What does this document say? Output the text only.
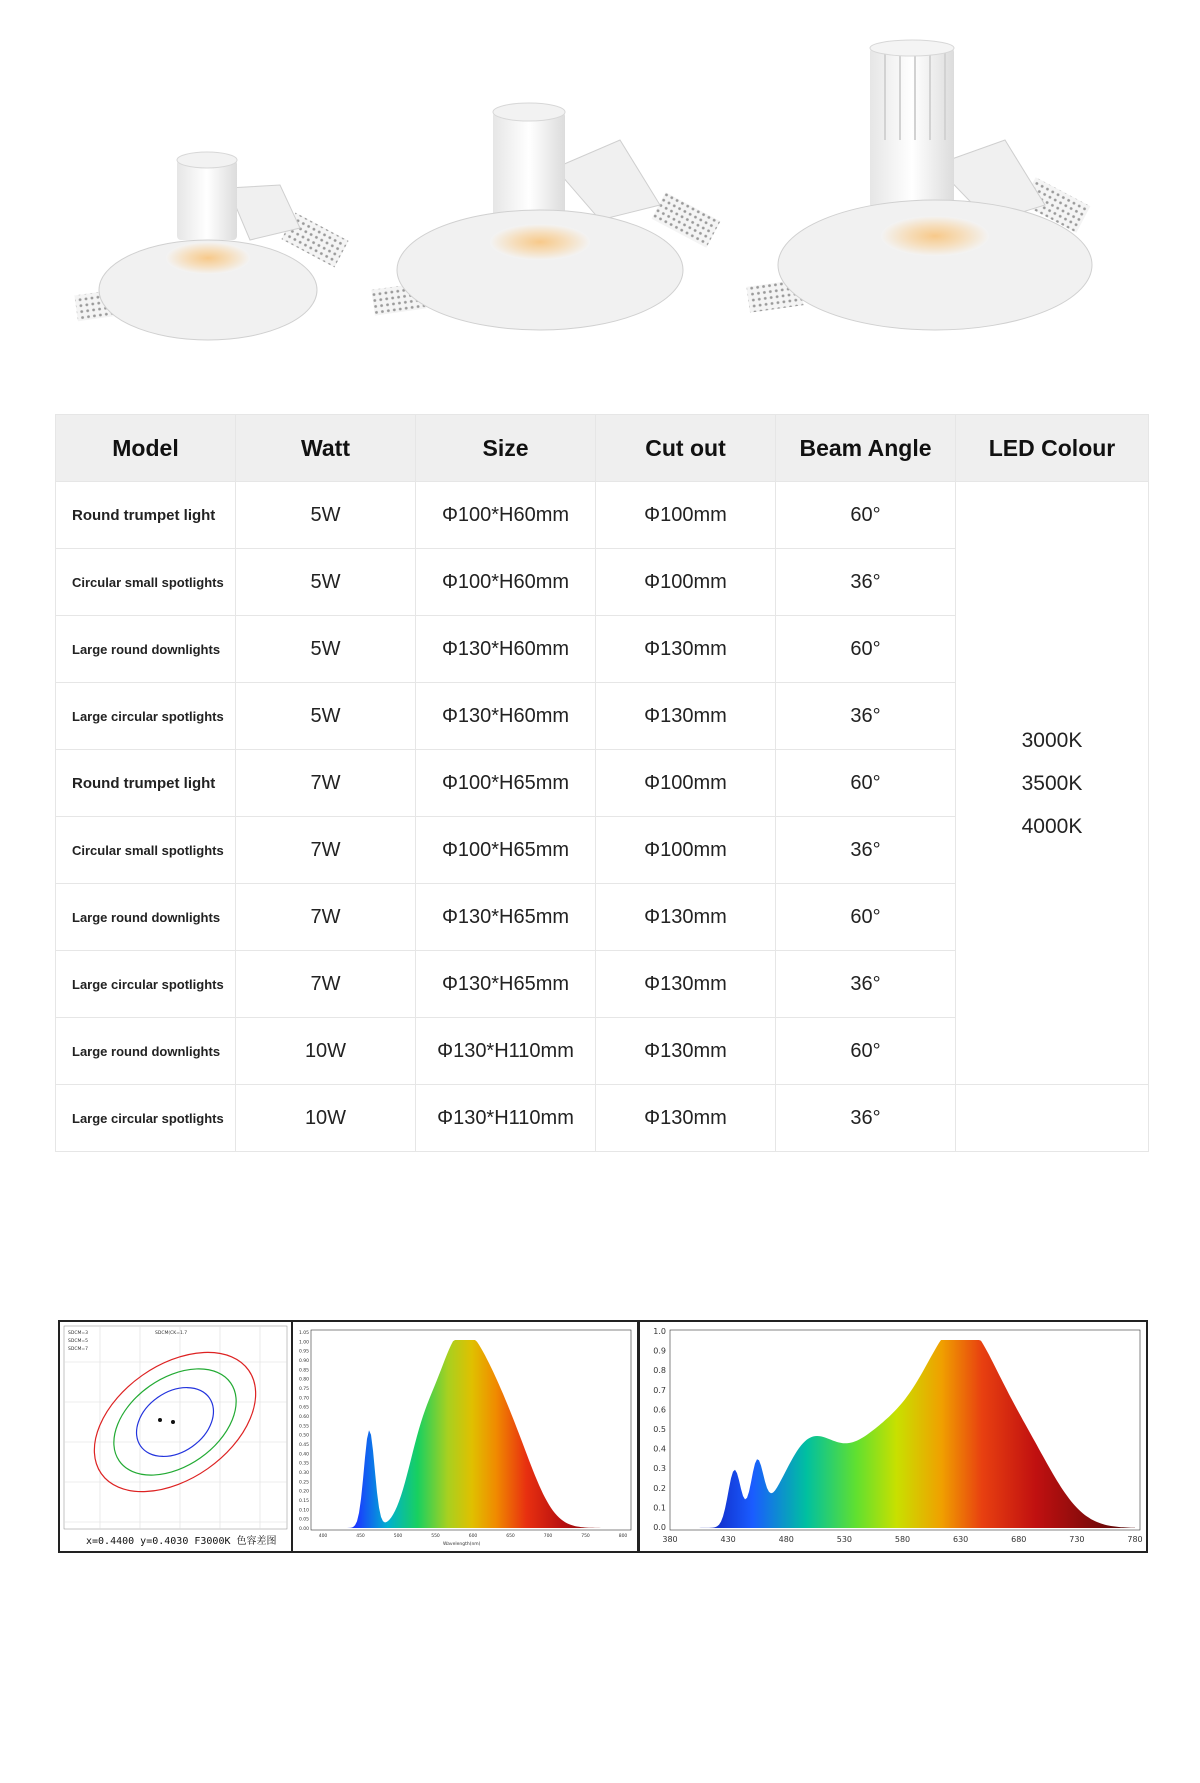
Model	Watt	Size	Cut out	Beam Angle	LED Colour
Round trumpet light	5W	Φ100*H60mm	Φ100mm	60°	3000K
3500K
4000K

Circular small spotlights	5W	Φ100*H60mm	Φ100mm	36°	
Large round downlights	5W	Φ130*H60mm	Φ130mm	60°	
Large circular spotlights	5W	Φ130*H60mm	Φ130mm	36°	
Round trumpet light	7W	Φ100*H65mm	Φ100mm	60°	
Circular small spotlights	7W	Φ100*H65mm	Φ100mm	36°	
Large round downlights	7W	Φ130*H65mm	Φ130mm	60°	
Large circular spotlights	7W	Φ130*H65mm	Φ130mm	36°	
Large round downlights	10W	Φ130*H110mm	Φ130mm	60°	
Large circular spotlights	10W	Φ130*H110mm	Φ130mm	36°	
SDCM=3
SDCM=5
SDCM=7
SDCM(CK=1.7
x=0.4400 y=0.4030 F3000K 色容差图
1.05
1.00
0.95
0.90
0.85
0.80
0.75
0.70
0.65
0.60
0.55
0.50
0.45
0.40
0.35
0.30
0.25
0.20
0.15
0.10
0.05
0.00
400	450	500	550	600	650	700	750	800
Wavelength(nm)
1.0
0.9
0.8
0.7
0.6
0.5
0.4
0.3
0.2
0.1
0.0
380	430	480	530	580	630	680	730	780
